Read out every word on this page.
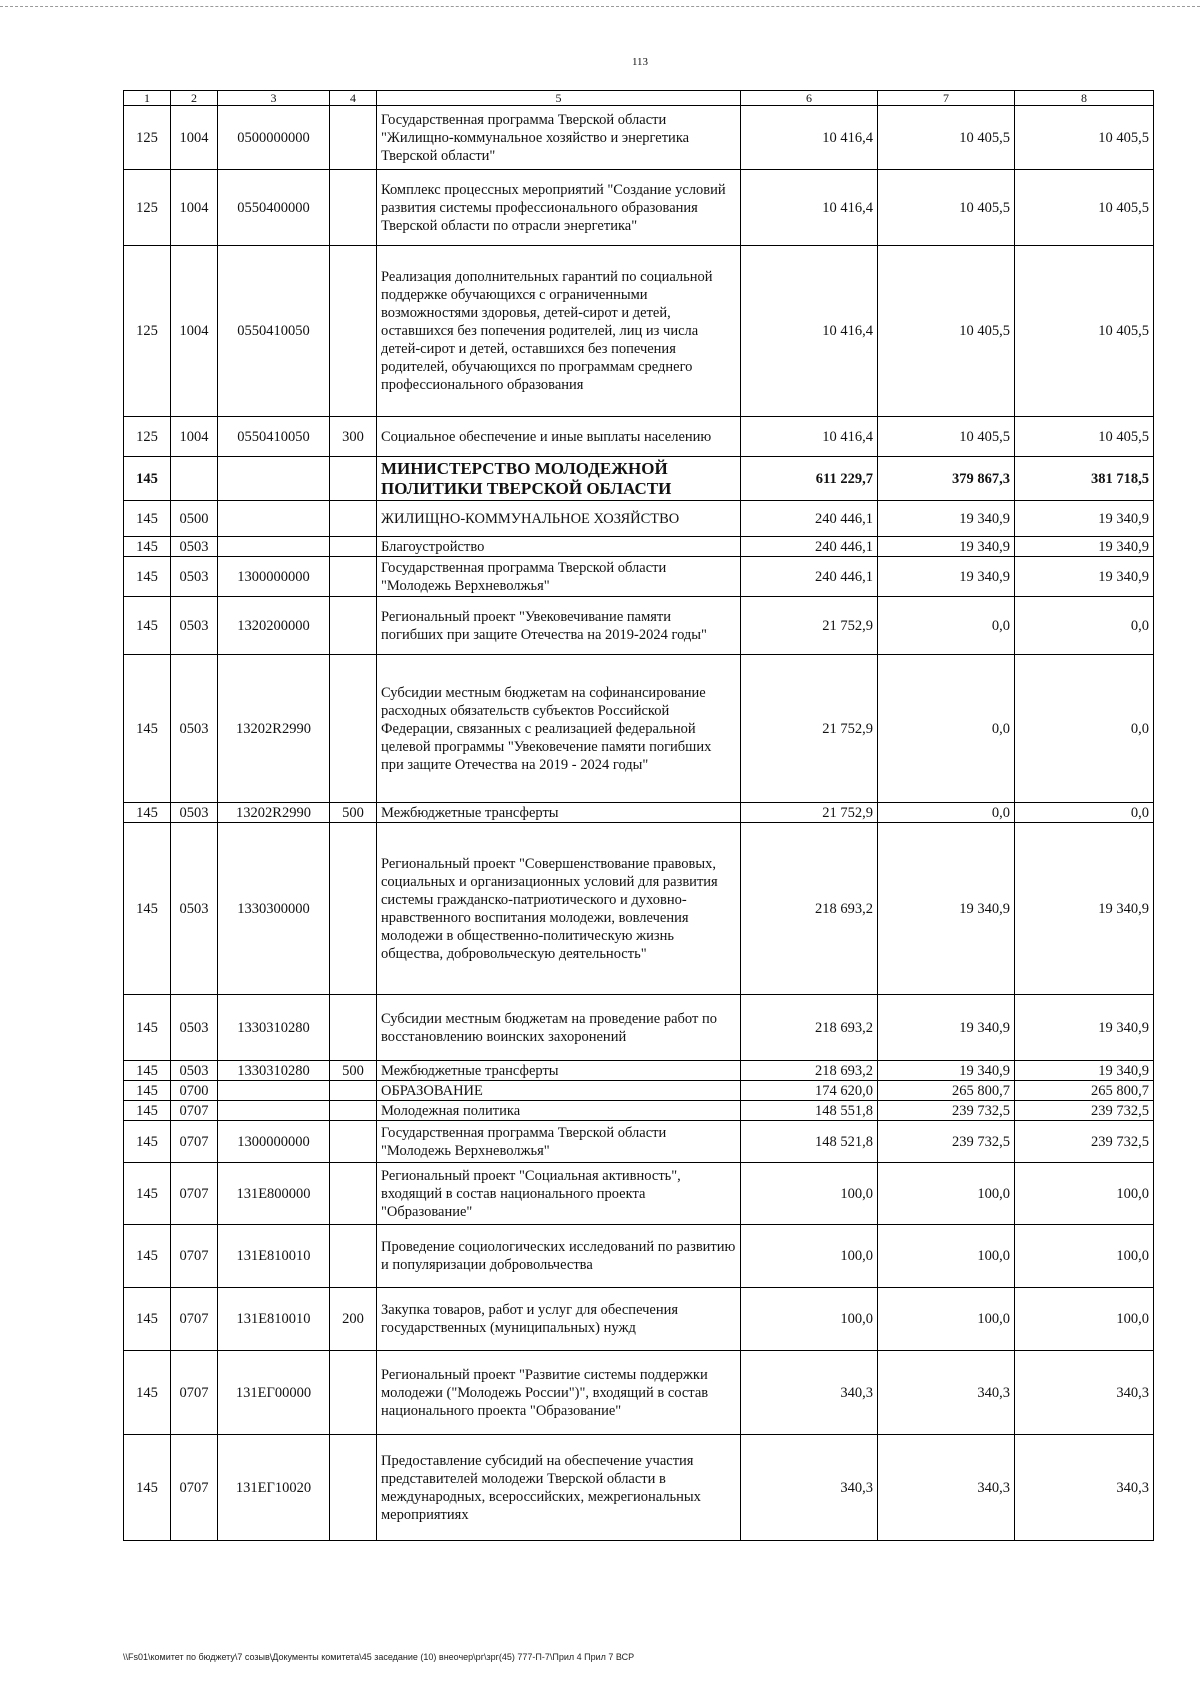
113
1	2	3	4	5	6	7	8
125	1004	0500000000		Государственная программа Тверской области "Жилищно-коммунальное хозяйство и энергетика Тверской области"	10 416,4	10 405,5	10 405,5
125	1004	0550400000		Комплекс процессных мероприятий "Создание условий развития системы профессионального образования Тверской области по отрасли энергетика"	10 416,4	10 405,5	10 405,5
125	1004	0550410050		Реализация дополнительных гарантий по социальной поддержке обучающихся с ограниченными возможностями здоровья, детей-сирот и детей, оставшихся без попечения родителей, лиц из числа детей-сирот и детей, оставшихся без попечения родителей, обучающихся по программам среднего профессионального образования	10 416,4	10 405,5	10 405,5
125	1004	0550410050	300	Социальное обеспечение и иные выплаты населению	10 416,4	10 405,5	10 405,5
145				МИНИСТЕРСТВО МОЛОДЕЖНОЙ ПОЛИТИКИ ТВЕРСКОЙ ОБЛАСТИ	611 229,7	379 867,3	381 718,5
145	0500			ЖИЛИЩНО-КОММУНАЛЬНОЕ ХОЗЯЙСТВО	240 446,1	19 340,9	19 340,9
145	0503			Благоустройство	240 446,1	19 340,9	19 340,9
145	0503	1300000000		Государственная программа Тверской области "Молодежь Верхневолжья"	240 446,1	19 340,9	19 340,9
145	0503	1320200000		Региональный проект "Увековечивание памяти погибших при защите Отечества на 2019-2024 годы"	21 752,9	0,0	0,0
145	0503	13202R2990		Субсидии местным бюджетам на софинансирование расходных обязательств субъектов Российской Федерации, связанных с реализацией федеральной целевой программы "Увековечение памяти погибших при защите Отечества на 2019 - 2024 годы"	21 752,9	0,0	0,0
145	0503	13202R2990	500	Межбюджетные трансферты	21 752,9	0,0	0,0
145	0503	1330300000		Региональный проект "Совершенствование правовых, социальных и организационных условий для развития системы гражданско-патриотического и духовно-нравственного воспитания молодежи, вовлечения молодежи в общественно-политическую жизнь общества, добровольческую деятельность"	218 693,2	19 340,9	19 340,9
145	0503	1330310280		Субсидии местным бюджетам на проведение работ по восстановлению воинских захоронений	218 693,2	19 340,9	19 340,9
145	0503	1330310280	500	Межбюджетные трансферты	218 693,2	19 340,9	19 340,9
145	0700			ОБРАЗОВАНИЕ	174 620,0	265 800,7	265 800,7
145	0707			Молодежная политика	148 551,8	239 732,5	239 732,5
145	0707	1300000000		Государственная программа Тверской области "Молодежь Верхневолжья"	148 521,8	239 732,5	239 732,5
145	0707	131E800000		Региональный проект "Социальная активность", входящий в состав национального проекта "Образование"	100,0	100,0	100,0
145	0707	131E810010		Проведение социологических исследований по развитию и популяризации добровольчества	100,0	100,0	100,0
145	0707	131E810010	200	Закупка товаров, работ и услуг для обеспечения государственных (муниципальных) нужд	100,0	100,0	100,0
145	0707	131ЕГ00000		Региональный проект "Развитие системы поддержки молодежи ("Молодежь России")", входящий в состав национального проекта "Образование"	340,3	340,3	340,3
145	0707	131ЕГ10020		Предоставление субсидий на обеспечение участия представителей молодежи Тверской области в международных, всероссийских, межрегиональных мероприятиях	340,3	340,3	340,3
\\Fs01\комитет по бюджету\7 созыв\Документы комитета\45 заседание (10) внеочер\рг\зрг(45) 777-П-7\Прил 4 Прил 7 ВСР
